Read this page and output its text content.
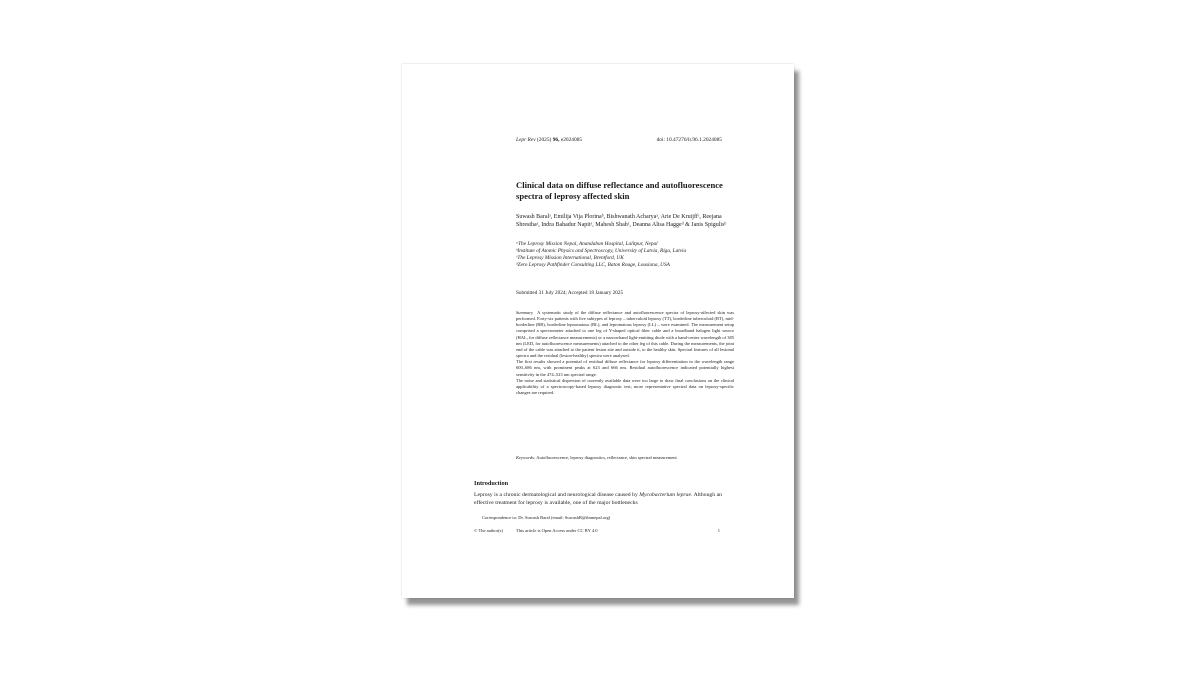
Lepr Rev (2025) 96, e2024085	doi: 10.47276/lr.96.1.2024085
Clinical data on diffuse reflectance and autofluorescence spectra of leprosy affected skin
Suwash Baralᵃ, Emilija Vija Plorinaᵇ, Bishwanath Acharyaᵃ, Arie De Kruijffᶜ, Reejana Shresthaᵃ, Indra Bahadur Napitᵃ, Mahesh Shahᵃ, Deanna Alisa Haggeᵈ & Janis Spigulisᵇ
ᵃThe Leprosy Mission Nepal, Anandaban Hospital, Lalitpur, Nepal
ᵇInstitute of Atomic Physics and Spectroscopy, University of Latvia, Riga, Latvia
ᶜThe Leprosy Mission International, Brentford, UK
ᵈZero Leprosy Pathfinder Consulting LLC, Baton Rouge, Lousiana, USA
Submitted 31 July 2024; Accepted 18 January 2025

Summary A systematic study of the diffuse reflectance and autofluorescence spectra of leprosy-affected skin was performed. Forty-six patients with five subtypes of leprosy – tuberculoid leprosy (TT), borderline tuberculoid (BT), mid-borderline (BB), borderline lepromatous (BL), and lepromatous leprosy (LL) – were examined. The measurement setup comprised a spectrometer attached to one leg of Y-shaped optical fiber cable and a broadband halogen light source (HAL, for diffuse reflectance measurements) or a narrowband light-emitting diode with a band-center wavelength of 385 nm (LED, for autofluorescence measurements) attached to the other leg of this cable. During the measurements, the joint end of the cable was attached to the patient lesion site and outside it, to the healthy skin. Spectral features of all lesional spectra and the residual (lesion-healthy) spectra were analysed.

The first results showed a potential of residual diffuse reflectance for leprosy differentiation in the wavelength range 600–686 nm, with prominent peaks at 623 and 666 nm. Residual autofluorescence indicated potentially highest sensitivity in the 474–523 nm spectral range.

The noise and statistical dispersion of currently available data were too large to draw final conclusions on the clinical applicability of a spectroscopy-based leprosy diagnostic test; more representative spectral data on leprosy-specific changes are required.

Keywords: Autofluorescence, leprosy diagnostics, reflectance, skin spectral measurement
Introduction
Leprosy is a chronic dermatological and neurological disease caused by Mycobacterium leprae. Although an effective treatment for leprosy is available, one of the major bottlenecks
Correspondence to: Dr. Suwash Baral (email: SuwashB@tlmnepal.org)
© The author(s)	This article is Open Access under CC BY 4.0	1
